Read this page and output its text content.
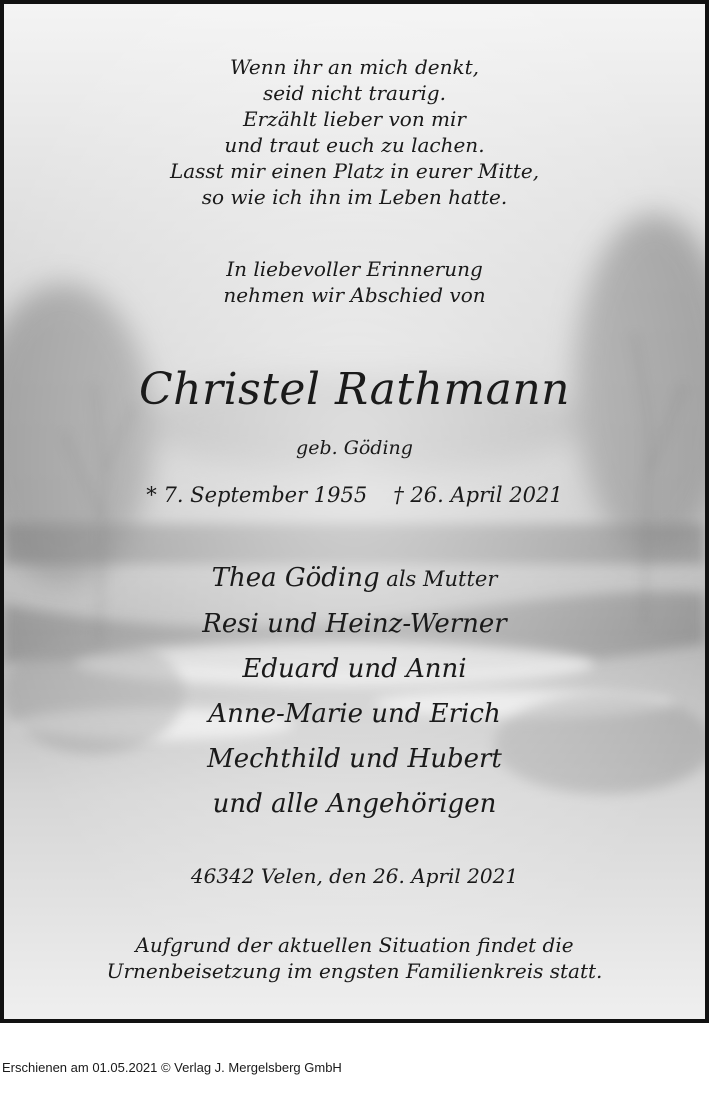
Wenn ihr an mich denkt,
seid nicht traurig.
Erzählt lieber von mir
und traut euch zu lachen.
Lasst mir einen Platz in eurer Mitte,
so wie ich ihn im Leben hatte.
In liebevoller Erinnerung
nehmen wir Abschied von
Christel Rathmann
geb. Göding
* 7. September 1955 † 26. April 2021
Thea Göding als Mutter
Resi und Heinz-Werner
Eduard und Anni
Anne-Marie und Erich
Mechthild und Hubert
und alle Angehörigen
46342 Velen, den 26. April 2021
Aufgrund der aktuellen Situation findet die
Urnenbeisetzung im engsten Familienkreis statt.
Erschienen am 01.05.2021 © Verlag J. Mergelsberg GmbH
